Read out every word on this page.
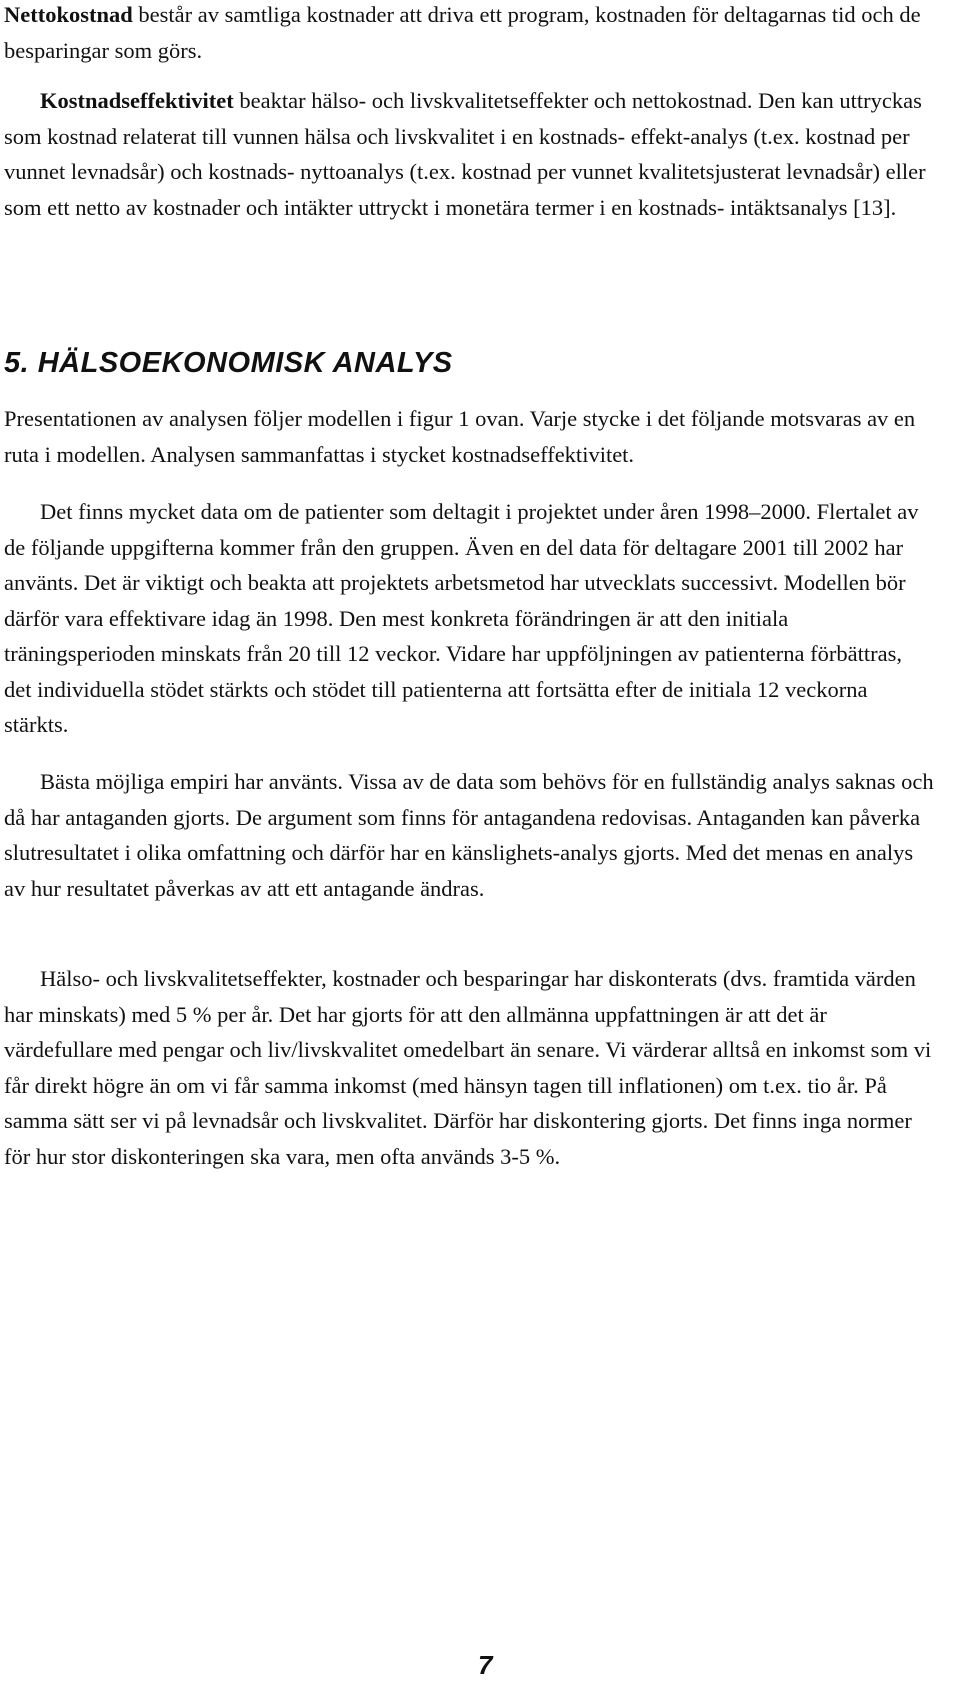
Nettokostnad består av samtliga kostnader att driva ett program, kostnaden för deltagarnas tid och de besparingar som görs.

Kostnadseffektivitet beaktar hälso- och livskvalitetseffekter och nettokostnad. Den kan uttryckas som kostnad relaterat till vunnen hälsa och livskvalitet i en kostnads- effekt-analys (t.ex. kostnad per vunnet levnadsår) och kostnads- nyttoanalys (t.ex. kostnad per vunnet kvalitetsjusterat levnadsår) eller som ett netto av kostnader och intäkter uttryckt i monetära termer i en kostnads- intäktsanalys [13].

5. HÄLSOEKONOMISK ANALYS

Presentationen av analysen följer modellen i figur 1 ovan. Varje stycke i det följande motsvaras av en ruta i modellen. Analysen sammanfattas i stycket kostnadseffektivitet.

Det finns mycket data om de patienter som deltagit i projektet under åren 1998–2000. Flertalet av de följande uppgifterna kommer från den gruppen. Även en del data för deltagare 2001 till 2002 har använts. Det är viktigt och beakta att projektets arbetsmetod har utvecklats successivt. Modellen bör därför vara effektivare idag än 1998. Den mest konkreta förändringen är att den initiala träningsperioden minskats från 20 till 12 veckor. Vidare har uppföljningen av patienterna förbättras, det individuella stödet stärkts och stödet till patienterna att fortsätta efter de initiala 12 veckorna stärkts.

Bästa möjliga empiri har använts. Vissa av de data som behövs för en fullständig analys saknas och då har antaganden gjorts. De argument som finns för antagandena redovisas. Antaganden kan påverka slutresultatet i olika omfattning och därför har en känslighets-analys gjorts. Med det menas en analys av hur resultatet påverkas av att ett antagande ändras.

Hälso- och livskvalitetseffekter, kostnader och besparingar har diskonterats (dvs. framtida värden har minskats) med 5 % per år. Det har gjorts för att den allmänna uppfattningen är att det är värdefullare med pengar och liv/livskvalitet omedelbart än senare. Vi värderar alltså en inkomst som vi får direkt högre än om vi får samma inkomst (med hänsyn tagen till inflationen) om t.ex. tio år. På samma sätt ser vi på levnadsår och livskvalitet. Därför har diskontering gjorts. Det finns inga normer för hur stor diskonteringen ska vara, men ofta används 3-5 %.

7
